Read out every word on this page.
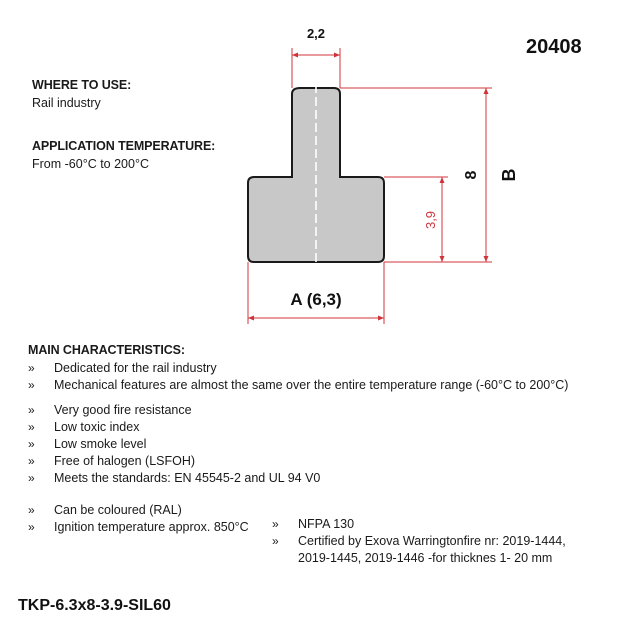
20408
WHERE TO USE:
Rail industry
APPLICATION TEMPERATURE:
From -60°C to 200°C
2,2
8 B
3,9
A (6,3)
MAIN CHARACTERISTICS:
» Dedicated for the rail industry
» Mechanical features are almost the same over the entire temperature range (-60°C to 200°C)
» Very good fire resistance
» Low toxic index
» Low smoke level
» Free of halogen (LSFOH)
» Meets the standards: EN 45545-2 and UL 94 V0
» Can be coloured (RAL)
» Ignition temperature approx. 850°C » NFPA 130
» Certified by Exova Warringtonfire nr: 2019-1444,
2019-1445, 2019-1446 -for thicknes 1- 20 mm
TKP-6.3x8-3.9-SIL60
